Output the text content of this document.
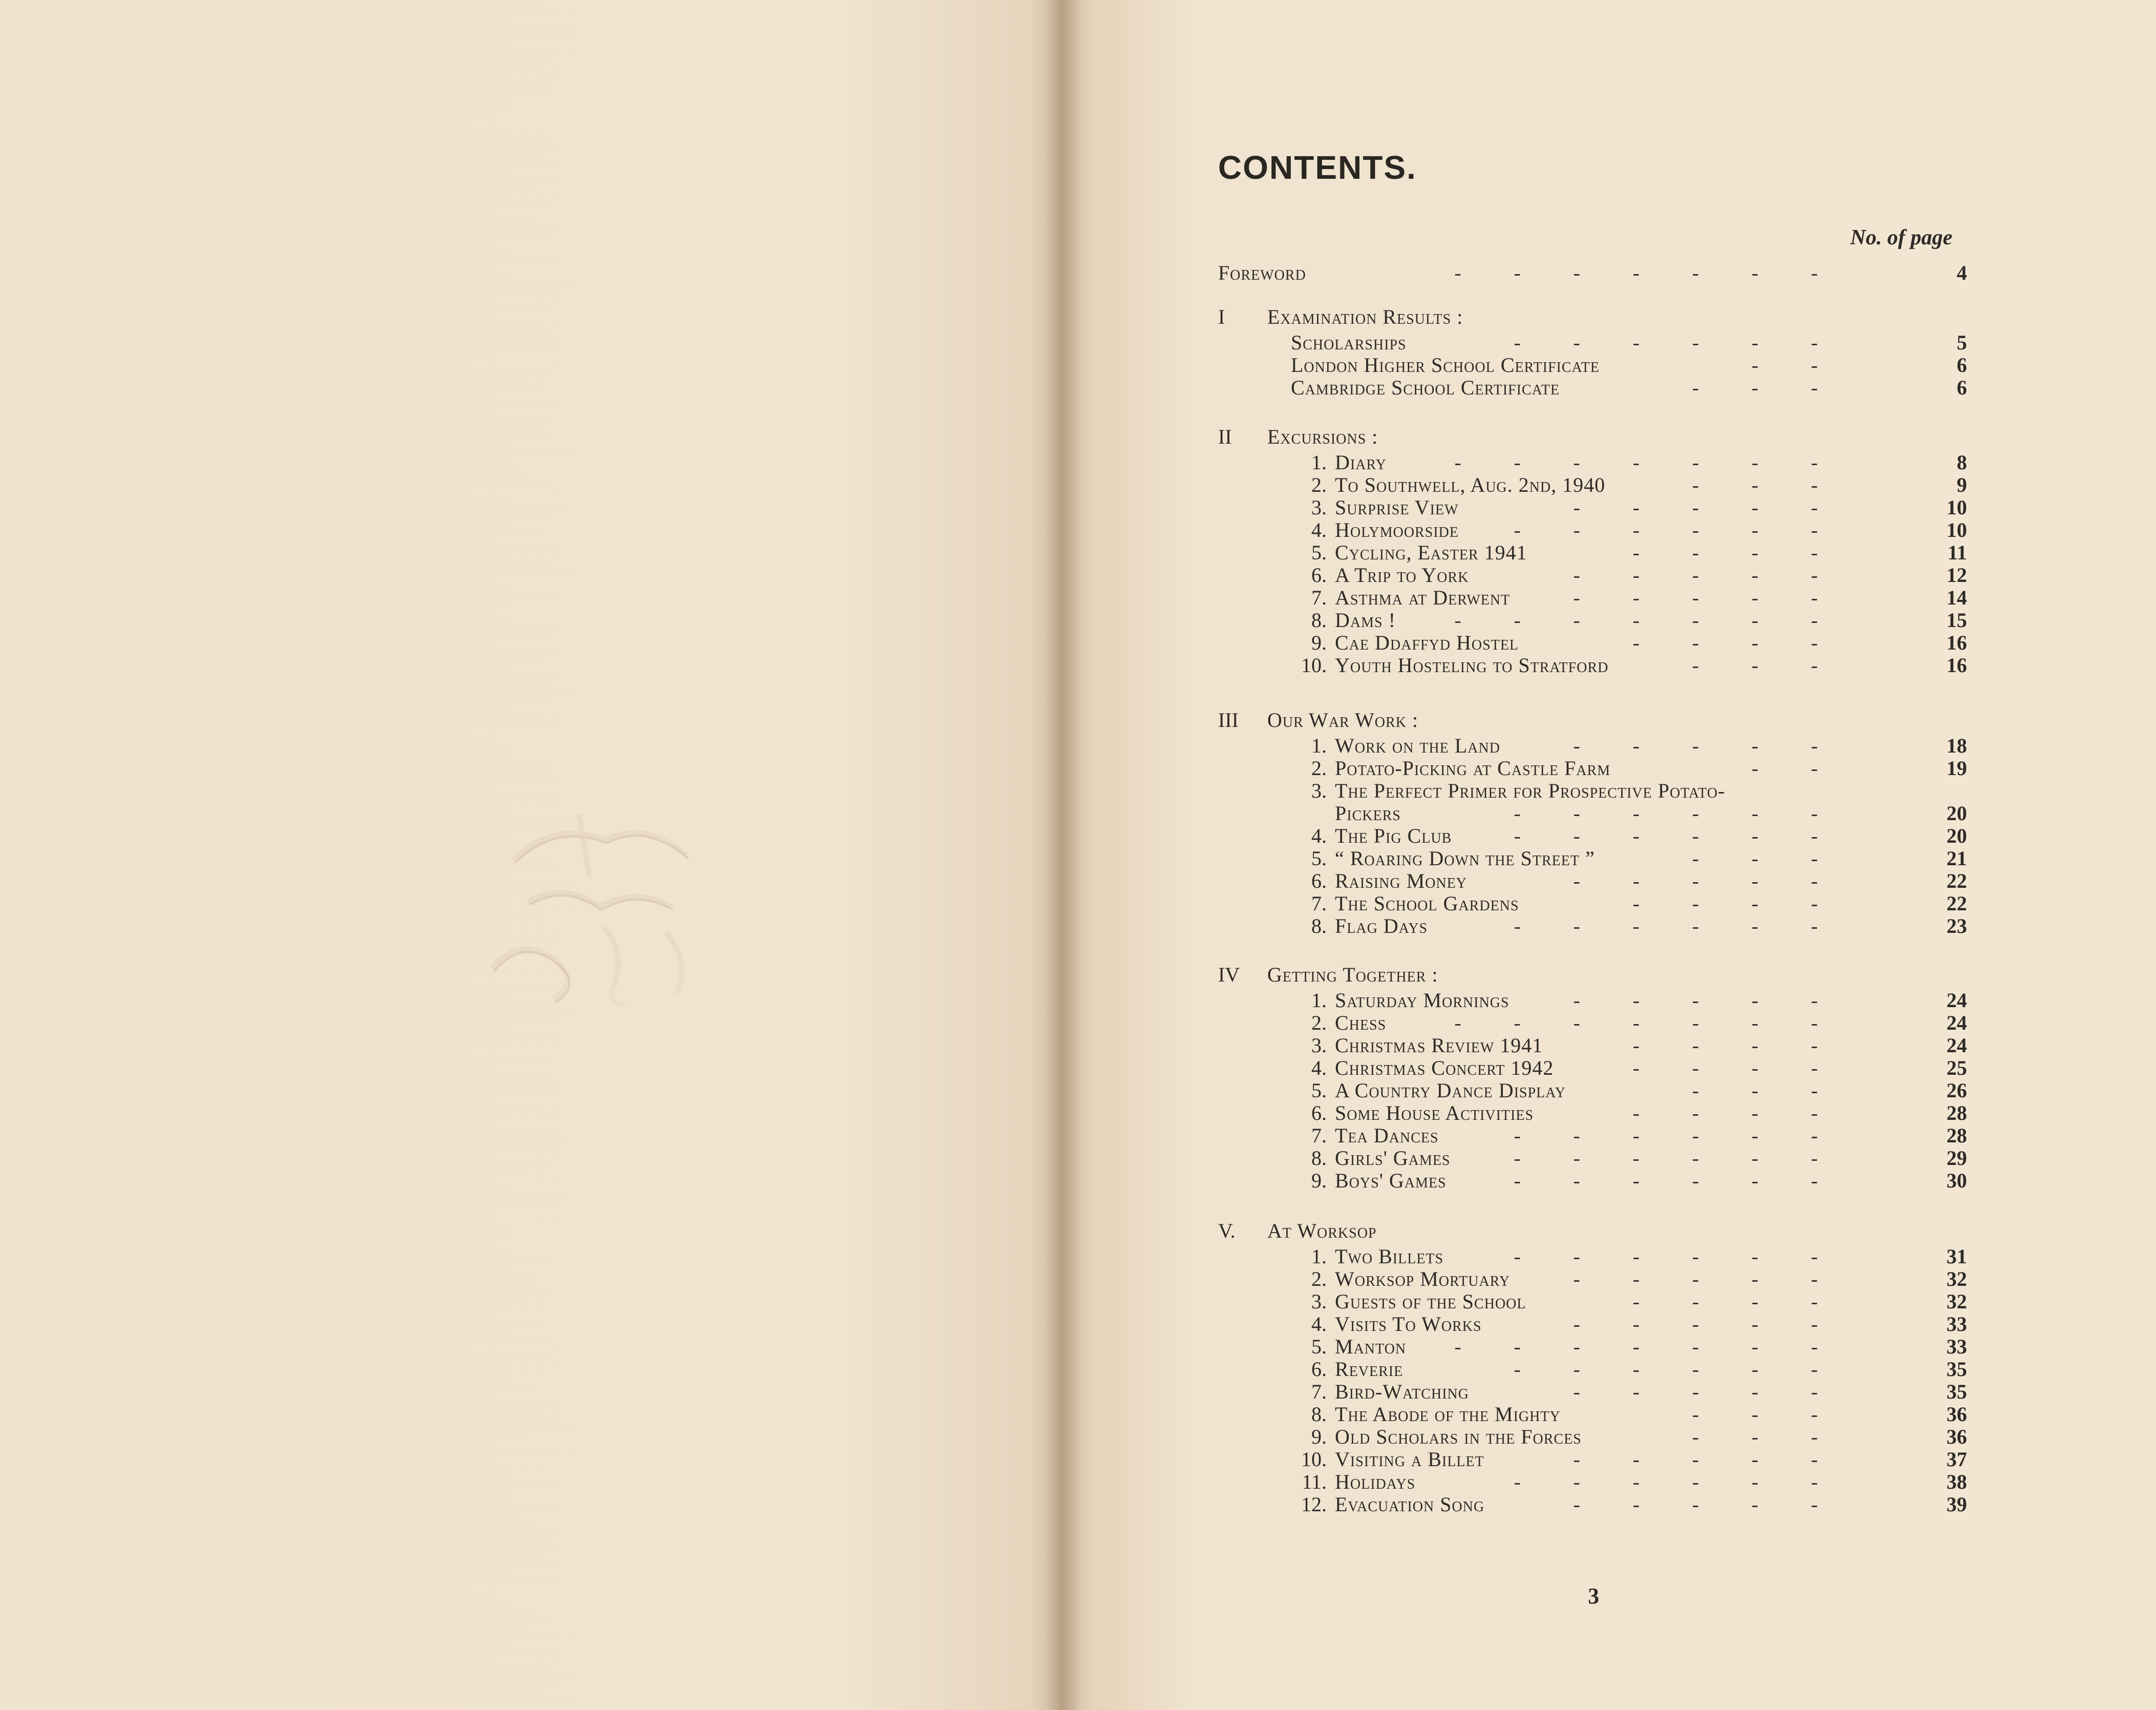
CONTENTS.
No. of page
Foreword	-	-	-	-	-	-	-	4
I Examination Results :
Scholarships	-	-	-	-	-	-	5
London Higher School Certificate	-	-	6
Cambridge School Certificate	-	-	-	6
II Excursions :
1. Diary	-	-	-	-	-	-	-	8
2. To Southwell, Aug. 2nd, 1940	-	-	-	9
3. Surprise View	-	-	-	-	-	10
4. Holymoorside	-	-	-	-	-	-	10
5. Cycling, Easter 1941	-	-	-	-	11
6. A Trip to York	-	-	-	-	-	12
7. Asthma at Derwent	-	-	-	-	-	14
8. Dams !	-	-	-	-	-	-	-	15
9. Cae Ddaffyd Hostel	-	-	-	-	16
10. Youth Hosteling to Stratford	-	-	-	16
III Our War Work :
1. Work on the Land	-	-	-	-	-	18
2. Potato-Picking at Castle Farm	-	-	19
3. The Perfect Primer for Prospective Potato-
Pickers	-	-	-	-	-	-	20
4. The Pig Club	-	-	-	-	-	-	20
5. “ Roaring Down the Street ”	-	-	-	21
6. Raising Money	-	-	-	-	-	22
7. The School Gardens	-	-	-	-	22
8. Flag Days	-	-	-	-	-	-	23
IV Getting Together :
1. Saturday Mornings	-	-	-	-	-	24
2. Chess	-	-	-	-	-	-	-	24
3. Christmas Review 1941	-	-	-	-	24
4. Christmas Concert 1942	-	-	-	-	25
5. A Country Dance Display	-	-	-	26
6. Some House Activities	-	-	-	-	28
7. Tea Dances	-	-	-	-	-	-	28
8. Girls' Games	-	-	-	-	-	-	29
9. Boys' Games	-	-	-	-	-	-	30
V. At Worksop
1. Two Billets	-	-	-	-	-	-	31
2. Worksop Mortuary	-	-	-	-	-	32
3. Guests of the School	-	-	-	-	32
4. Visits To Works	-	-	-	-	-	33
5. Manton	-	-	-	-	-	-	-	33
6. Reverie	-	-	-	-	-	-	35
7. Bird-Watching	-	-	-	-	-	35
8. The Abode of the Mighty	-	-	-	36
9. Old Scholars in the Forces	-	-	-	36
10. Visiting a Billet	-	-	-	-	-	37
11. Holidays	-	-	-	-	-	-	38
12. Evacuation Song	-	-	-	-	-	39
3
